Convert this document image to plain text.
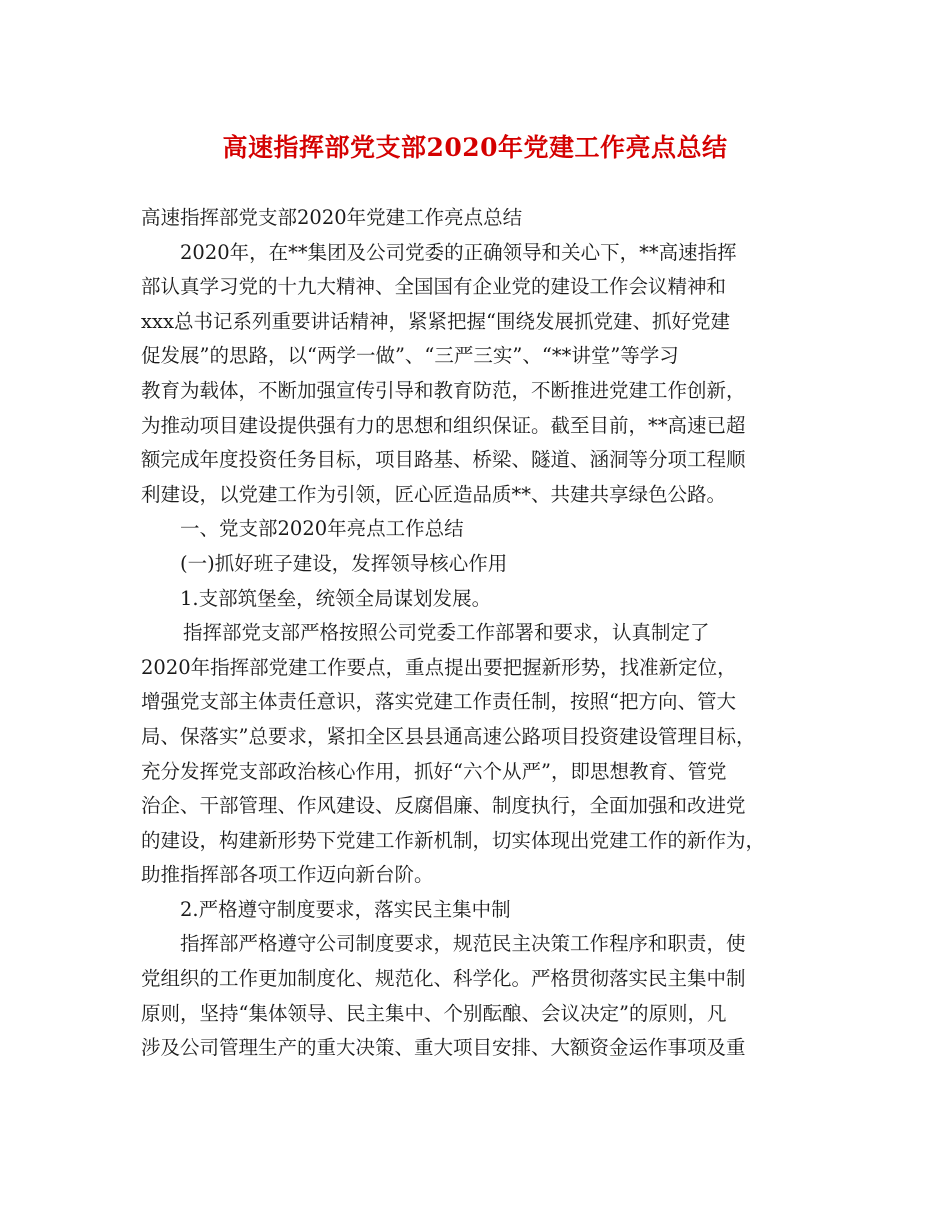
高速指挥部党支部2020年党建工作亮点总结
高速指挥部党支部2020年党建工作亮点总结
2020年，在**集团及公司党委的正确领导和关心下，**高速指挥
部认真学习党的十九大精神、全国国有企业党的建设工作会议精神和
xxx总书记系列重要讲话精神，紧紧把握“围绕发展抓党建、抓好党建
促发展”的思路，以“两学一做”、“三严三实”、“**讲堂”等学习
教育为载体，不断加强宣传引导和教育防范，不断推进党建工作创新，
为推动项目建设提供强有力的思想和组织保证。截至目前，**高速已超
额完成年度投资任务目标，项目路基、桥梁、隧道、涵洞等分项工程顺
利建设，以党建工作为引领，匠心匠造品质**、共建共享绿色公路。
一、党支部2020年亮点工作总结
(一)抓好班子建设，发挥领导核心作用
1.支部筑堡垒，统领全局谋划发展。
指挥部党支部严格按照公司党委工作部署和要求，认真制定了
2020年指挥部党建工作要点，重点提出要把握新形势，找准新定位，
增强党支部主体责任意识，落实党建工作责任制，按照“把方向、管大
局、保落实”总要求，紧扣全区县县通高速公路项目投资建设管理目标，
充分发挥党支部政治核心作用，抓好“六个从严”，即思想教育、管党
治企、干部管理、作风建设、反腐倡廉、制度执行，全面加强和改进党
的建设，构建新形势下党建工作新机制，切实体现出党建工作的新作为，
助推指挥部各项工作迈向新台阶。
2.严格遵守制度要求，落实民主集中制
指挥部严格遵守公司制度要求，规范民主决策工作程序和职责，使
党组织的工作更加制度化、规范化、科学化。严格贯彻落实民主集中制
原则，坚持“集体领导、民主集中、个别酝酿、会议决定”的原则，凡
涉及公司管理生产的重大决策、重大项目安排、大额资金运作事项及重
